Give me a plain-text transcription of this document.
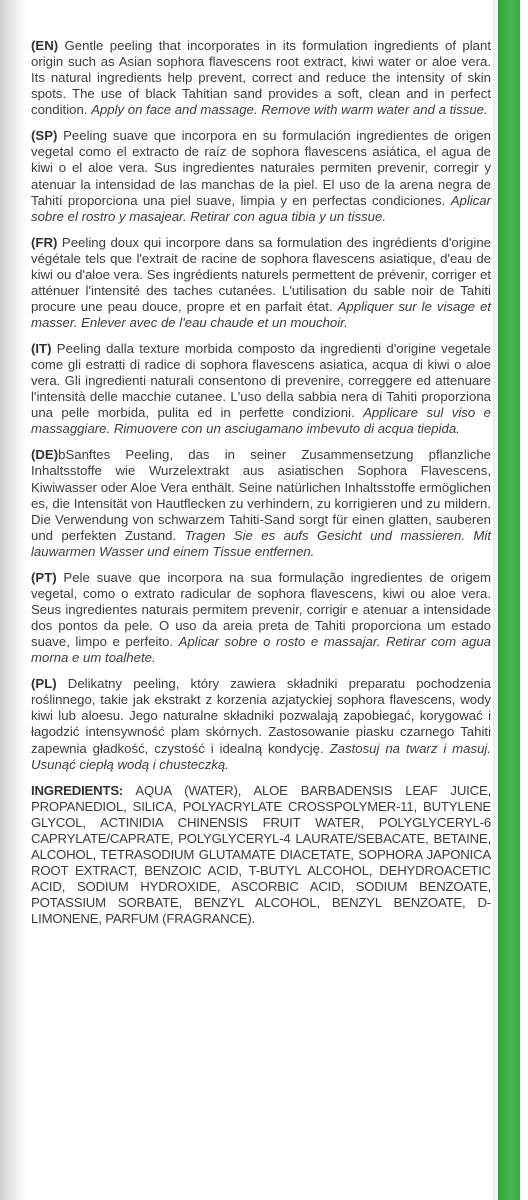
(EN) Gentle peeling that incorporates in its formulation ingredients of plant origin such as Asian sophora flavescens root extract, kiwi water or aloe vera. Its natural ingredients help prevent, correct and reduce the intensity of skin spots. The use of black Tahitian sand provides a soft, clean and in perfect condition. Apply on face and massage. Remove with warm water and a tissue.

(SP) Peeling suave que incorpora en su formulación ingredientes de origen vegetal como el extracto de raíz de sophora flavescens asiática, el agua de kiwi o el aloe vera. Sus ingredientes naturales permiten prevenir, corregir y atenuar la intensidad de las manchas de la piel. El uso de la arena negra de Tahití proporciona una piel suave, limpia y en perfectas condiciones. Aplicar sobre el rostro y masajear. Retirar con agua tibia y un tissue.

(FR) Peeling doux qui incorpore dans sa formulation des ingrédients d'origine végétale tels que l'extrait de racine de sophora flavescens asiatique, d'eau de kiwi ou d'aloe vera. Ses ingrédients naturels permettent de prévenir, corriger et atténuer l'intensité des taches cutanées. L'utilisation du sable noir de Tahiti procure une peau douce, propre et en parfait état. Appliquer sur le visage et masser. Enlever avec de l'eau chaude et un mouchoir.

(IT) Peeling dalla texture morbida composto da ingredienti d'origine vegetale come gli estratti di radice di sophora flavescens asiatica, acqua di kiwi o aloe vera. Gli ingredienti naturali consentono di prevenire, correggere ed attenuare l'intensità delle macchie cutanee. L'uso della sabbia nera di Tahiti proporziona una pelle morbida, pulita ed in perfette condizioni. Applicare sul viso e massaggiare. Rimuovere con un asciugamano imbevuto di acqua tiepida.

(DE)bSanftes Peeling, das in seiner Zusammensetzung pflanzliche Inhaltsstoffe wie Wurzelextrakt aus asiatischen Sophora Flavescens, Kiwiwasser oder Aloe Vera enthält. Seine natürlichen Inhaltsstoffe ermöglichen es, die Intensität von Hautflecken zu verhindern, zu korrigieren und zu mildern. Die Verwendung von schwarzem Tahiti-Sand sorgt für einen glatten, sauberen und perfekten Zustand. Tragen Sie es aufs Gesicht und massieren. Mit lauwarmen Wasser und einem Tissue entfernen.

(PT) Pele suave que incorpora na sua formulação ingredientes de origem vegetal, como o extrato radicular de sophora flavescens, kiwi ou aloe vera. Seus ingredientes naturais permitem prevenir, corrigir e atenuar a intensidade dos pontos da pele. O uso da areia preta de Tahiti proporciona um estado suave, limpo e perfeito. Aplicar sobre o rosto e massajar. Retirar com agua morna e um toalhete.

(PL) Delikatny peeling, który zawiera składniki preparatu pochodzenia roślinnego, takie jak ekstrakt z korzenia azjatyckiej sophora flavescens, wody kiwi lub aloesu. Jego naturalne składniki pozwalają zapobiegać, korygować i łagodzić intensywność plam skórnych. Zastosowanie piasku czarnego Tahiti zapewnia gładkość, czystość i idealną kondycję. Zastosuj na twarz i masuj. Usunąć ciepłą wodą i chusteczką.

INGREDIENTS: AQUA (WATER), ALOE BARBADENSIS LEAF JUICE, PROPANEDIOL, SILICA, POLYACRYLATE CROSSPOLYMER-11, BUTYLENE GLYCOL, ACTINIDIA CHINENSIS FRUIT WATER, POLYGLYCERYL-6 CAPRYLATE/CAPRATE, POLYGLYCERYL-4 LAURATE/SEBACATE, BETAINE, ALCOHOL, TETRASODIUM GLUTAMATE DIACETATE, SOPHORA JAPONICA ROOT EXTRACT, BENZOIC ACID, T-BUTYL ALCOHOL, DEHYDROACETIC ACID, SODIUM HYDROXIDE, ASCORBIC ACID, SODIUM BENZOATE, POTASSIUM SORBATE, BENZYL ALCOHOL, BENZYL BENZOATE, D-LIMONENE, PARFUM (FRAGRANCE).
